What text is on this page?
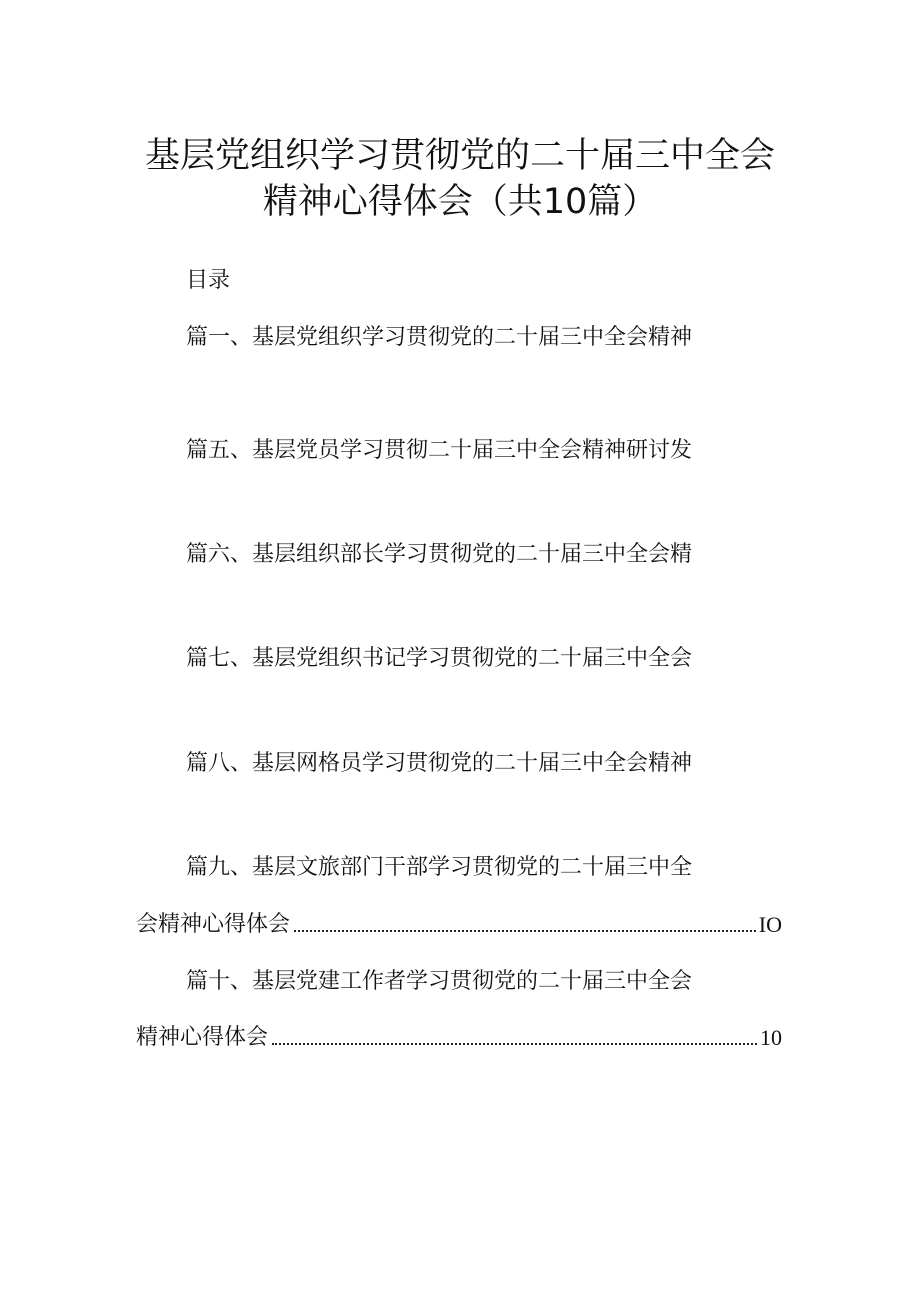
基层党组织学习贯彻党的二十届三中全会
精神心得体会（共10篇）
目录
篇一、基层党组织学习贯彻党的二十届三中全会精神
篇五、基层党员学习贯彻二十届三中全会精神研讨发
篇六、基层组织部长学习贯彻党的二十届三中全会精
篇七、基层党组织书记学习贯彻党的二十届三中全会
篇八、基层网格员学习贯彻党的二十届三中全会精神
篇九、基层文旅部门干部学习贯彻党的二十届三中全
会精神心得体会	IO
篇十、基层党建工作者学习贯彻党的二十届三中全会
精神心得体会	10
